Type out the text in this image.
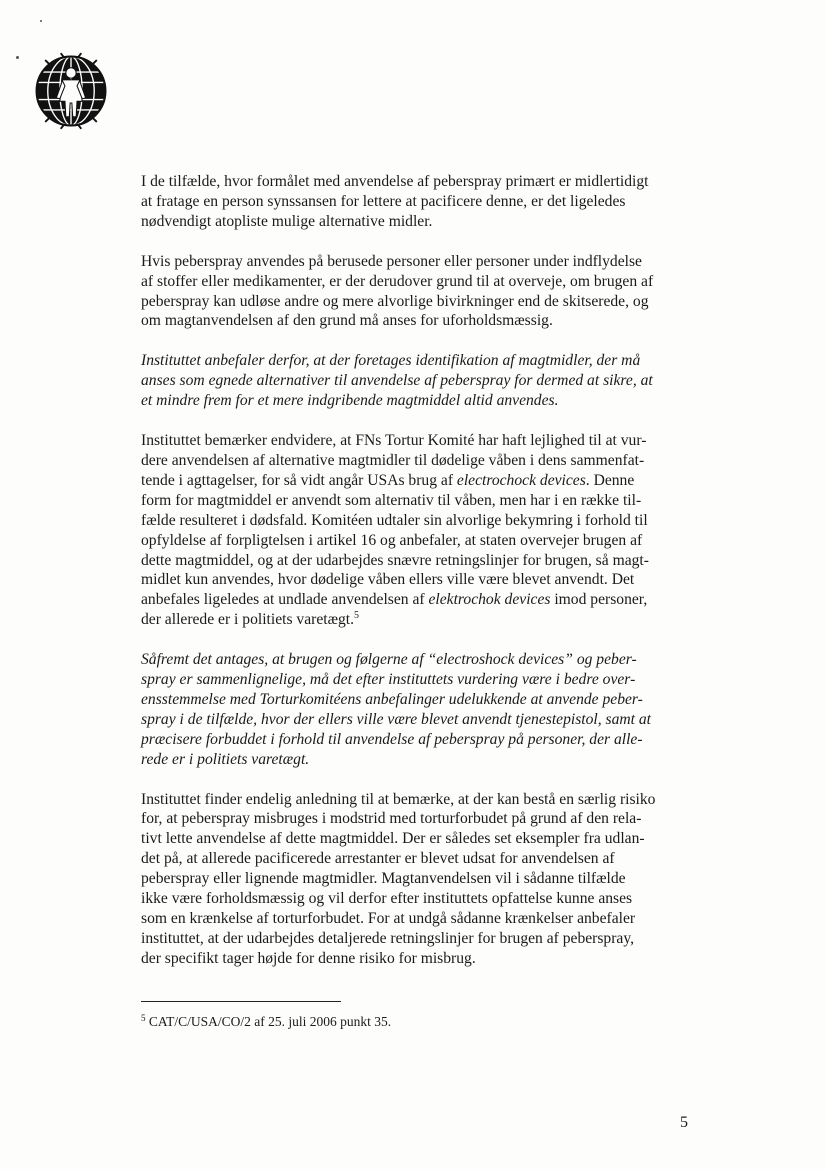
I de tilfælde, hvor formålet med anvendelse af peberspray primært er midlertidigt
at fratage en person synssansen for lettere at pacificere denne, er det ligeledes
nødvendigt atopliste mulige alternative midler.

Hvis peberspray anvendes på berusede personer eller personer under indflydelse
af stoffer eller medikamenter, er der derudover grund til at overveje, om brugen af
peberspray kan udløse andre og mere alvorlige bivirkninger end de skitserede, og
om magtanvendelsen af den grund må anses for uforholdsmæssig.

Instituttet anbefaler derfor, at der foretages identifikation af magtmidler, der må
anses som egnede alternativer til anvendelse af peberspray for dermed at sikre, at
et mindre frem for et mere indgribende magtmiddel altid anvendes.

Instituttet bemærker endvidere, at FNs Tortur Komité har haft lejlighed til at vur-
dere anvendelsen af alternative magtmidler til dødelige våben i dens sammenfat-
tende i agttagelser, for så vidt angår USAs brug af electrochock devices. Denne
form for magtmiddel er anvendt som alternativ til våben, men har i en række til-
fælde resulteret i dødsfald. Komitéen udtaler sin alvorlige bekymring i forhold til
opfyldelse af forpligtelsen i artikel 16 og anbefaler, at staten overvejer brugen af
dette magtmiddel, og at der udarbejdes snævre retningslinjer for brugen, så magt-
midlet kun anvendes, hvor dødelige våben ellers ville være blevet anvendt. Det
anbefales ligeledes at undlade anvendelsen af elektrochok devices imod personer,
der allerede er i politiets varetægt.$^5$

Såfremt det antages, at brugen og følgerne af “electroshock devices” og peber-
spray er sammenlignelige, må det efter instituttets vurdering være i bedre over-
ensstemmelse med Torturkomitéens anbefalinger udelukkende at anvende peber-
spray i de tilfælde, hvor der ellers ville være blevet anvendt tjenestepistol, samt at
præcisere forbuddet i forhold til anvendelse af peberspray på personer, der alle-
rede er i politiets varetægt.

Instituttet finder endelig anledning til at bemærke, at der kan bestå en særlig risiko
for, at peberspray misbruges i modstrid med torturforbudet på grund af den rela-
tivt lette anvendelse af dette magtmiddel. Der er således set eksempler fra udlan-
det på, at allerede pacificerede arrestanter er blevet udsat for anvendelsen af
peberspray eller lignende magtmidler. Magtanvendelsen vil i sådanne tilfælde
ikke være forholdsmæssig og vil derfor efter instituttets opfattelse kunne anses
som en krænkelse af torturforbudet. For at undgå sådanne krænkelser anbefaler
instituttet, at der udarbejdes detaljerede retningslinjer for brugen af peberspray,
der specifikt tager højde for denne risiko for misbrug.

$^5$ CAT/C/USA/CO/2 af 25. juli 2006 punkt 35.
5
